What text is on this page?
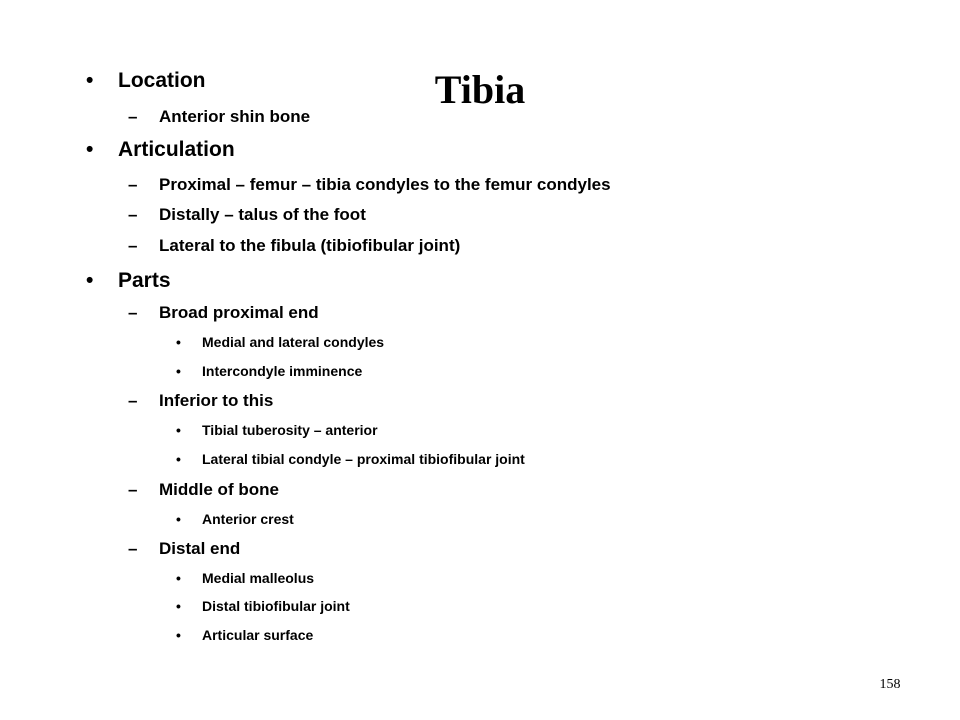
Tibia
• Location
– Anterior shin bone
• Articulation
– Proximal – femur – tibia condyles to the femur condyles
– Distally – talus of the foot
– Lateral to the fibula (tibiofibular joint)
• Parts
– Broad proximal end
• Medial and lateral condyles
• Intercondyle imminence
– Inferior to this
• Tibial tuberosity – anterior
• Lateral tibial condyle – proximal tibiofibular joint
– Middle of bone
• Anterior crest
– Distal end
• Medial malleolus
• Distal tibiofibular joint
• Articular surface
158
